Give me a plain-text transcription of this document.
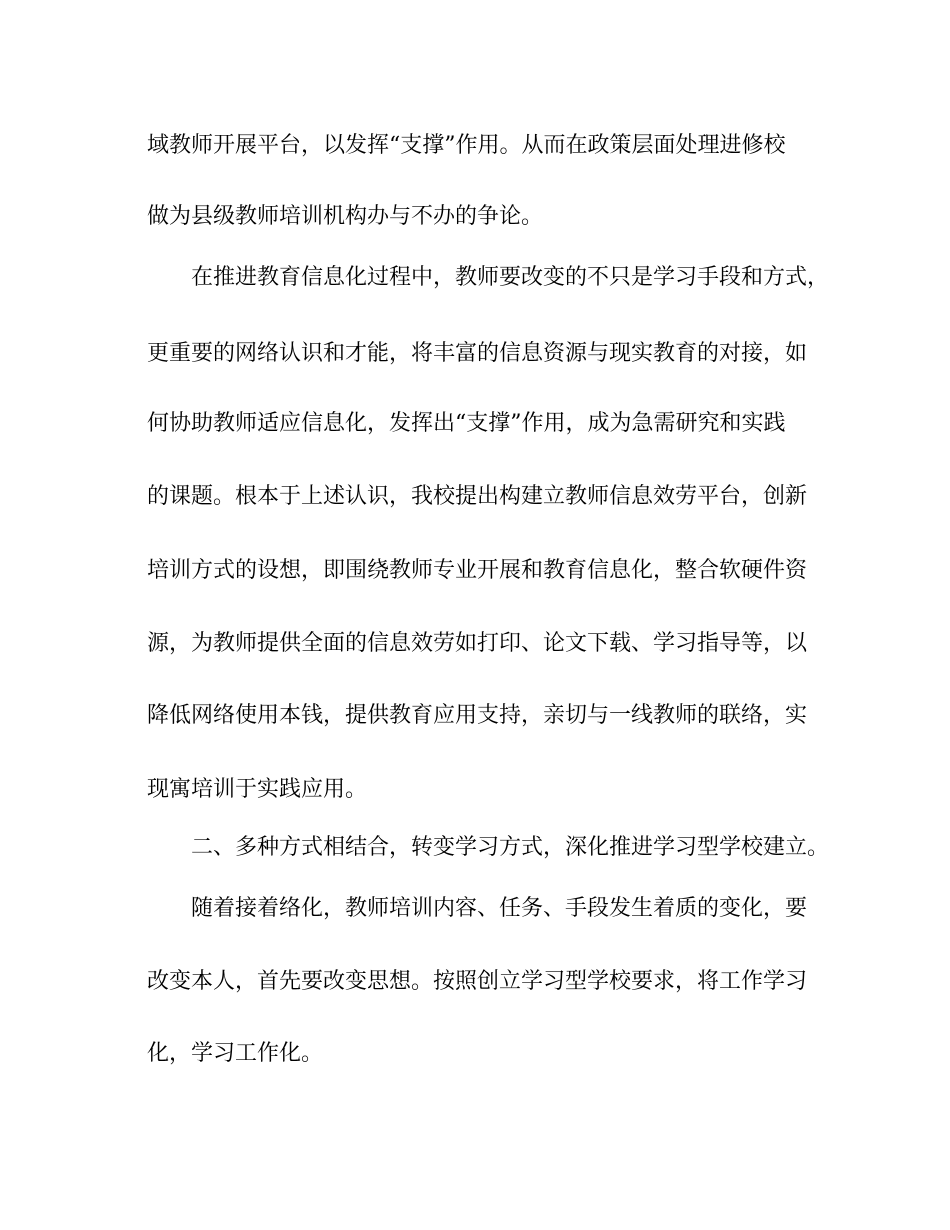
域教师开展平台，以发挥“支撑”作用。从而在政策层面处理进修校
做为县级教师培训机构办与不办的争论。
在推进教育信息化过程中，教师要改变的不只是学习手段和方式，
更重要的网络认识和才能，将丰富的信息资源与现实教育的对接，如
何协助教师适应信息化，发挥出“支撑”作用，成为急需研究和实践
的课题。根本于上述认识，我校提出构建立教师信息效劳平台，创新
培训方式的设想，即围绕教师专业开展和教育信息化，整合软硬件资
源，为教师提供全面的信息效劳如打印、论文下载、学习指导等，以
降低网络使用本钱，提供教育应用支持，亲切与一线教师的联络，实
现寓培训于实践应用。
二、多种方式相结合，转变学习方式，深化推进学习型学校建立。
随着接着络化，教师培训内容、任务、手段发生着质的变化，要
改变本人，首先要改变思想。按照创立学习型学校要求，将工作学习
化，学习工作化。
